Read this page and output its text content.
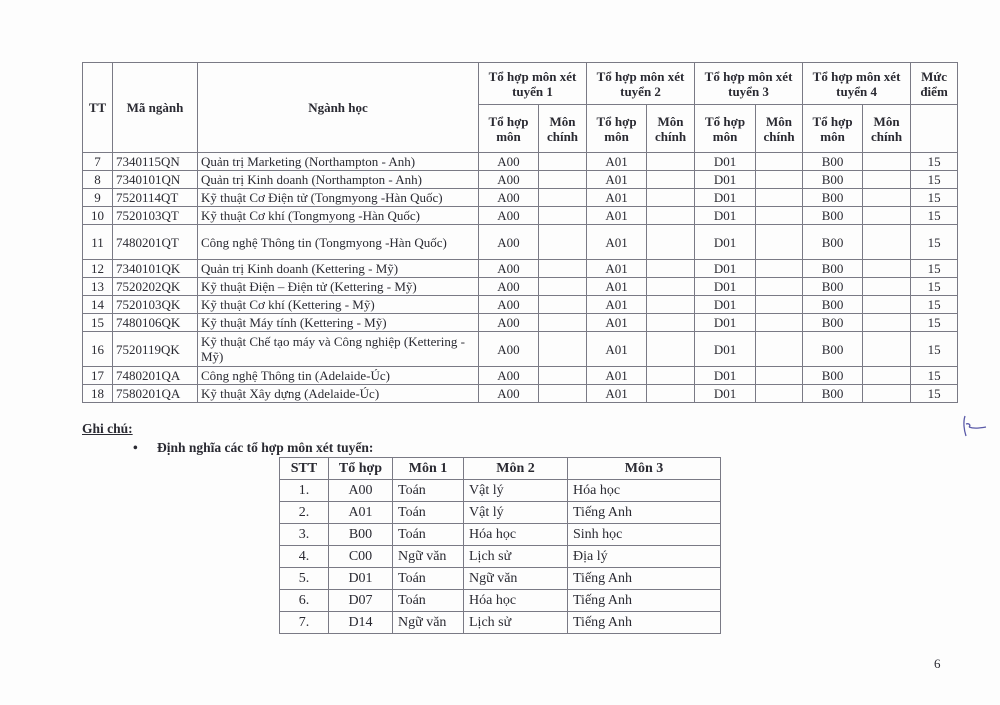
TT	Mã ngành	Ngành học	Tổ hợp môn xét tuyển 1		Tổ hợp môn xét tuyển 2		Tổ hợp môn xét tuyển 3		Tổ hợp môn xét tuyển 4		Mức điểm
			Tổ hợp môn	Môn chính	Tổ hợp môn	Môn chính	Tổ hợp môn	Môn chính	Tổ hợp môn	Môn chính	
7	7340115QN	Quản trị Marketing (Northampton - Anh)	A00		A01		D01		B00		15
8	7340101QN	Quản trị Kinh doanh (Northampton - Anh)	A00		A01		D01		B00		15
9	7520114QT	Kỹ thuật Cơ Điện tử (Tongmyong -Hàn Quốc)	A00		A01		D01		B00		15
10	7520103QT	Kỹ thuật Cơ khí (Tongmyong -Hàn Quốc)	A00		A01		D01		B00		15
11	7480201QT	Công nghệ Thông tin (Tongmyong -Hàn Quốc)	A00		A01		D01		B00		15
12	7340101QK	Quản trị Kinh doanh (Kettering - Mỹ)	A00		A01		D01		B00		15
13	7520202QK	Kỹ thuật Điện – Điện tử (Kettering - Mỹ)	A00		A01		D01		B00		15
14	7520103QK	Kỹ thuật Cơ khí (Kettering - Mỹ)	A00		A01		D01		B00		15
15	7480106QK	Kỹ thuật Máy tính (Kettering - Mỹ)	A00		A01		D01		B00		15
16	7520119QK	Kỹ thuật Chế tạo máy và Công nghiệp (Kettering - Mỹ)	A00		A01		D01		B00		15
17	7480201QA	Công nghệ Thông tin (Adelaide-Úc)	A00		A01		D01		B00		15
18	7580201QA	Kỹ thuật Xây dựng (Adelaide-Úc)	A00		A01		D01		B00		15
Ghi chú:
• Định nghĩa các tổ hợp môn xét tuyển:
STT	Tổ hợp	Môn 1	Môn 2	Môn 3
1.	A00	Toán	Vật lý	Hóa học
2.	A01	Toán	Vật lý	Tiếng Anh
3.	B00	Toán	Hóa học	Sinh học
4.	C00	Ngữ văn	Lịch sử	Địa lý
5.	D01	Toán	Ngữ văn	Tiếng Anh
6.	D07	Toán	Hóa học	Tiếng Anh
7.	D14	Ngữ văn	Lịch sử	Tiếng Anh
6
